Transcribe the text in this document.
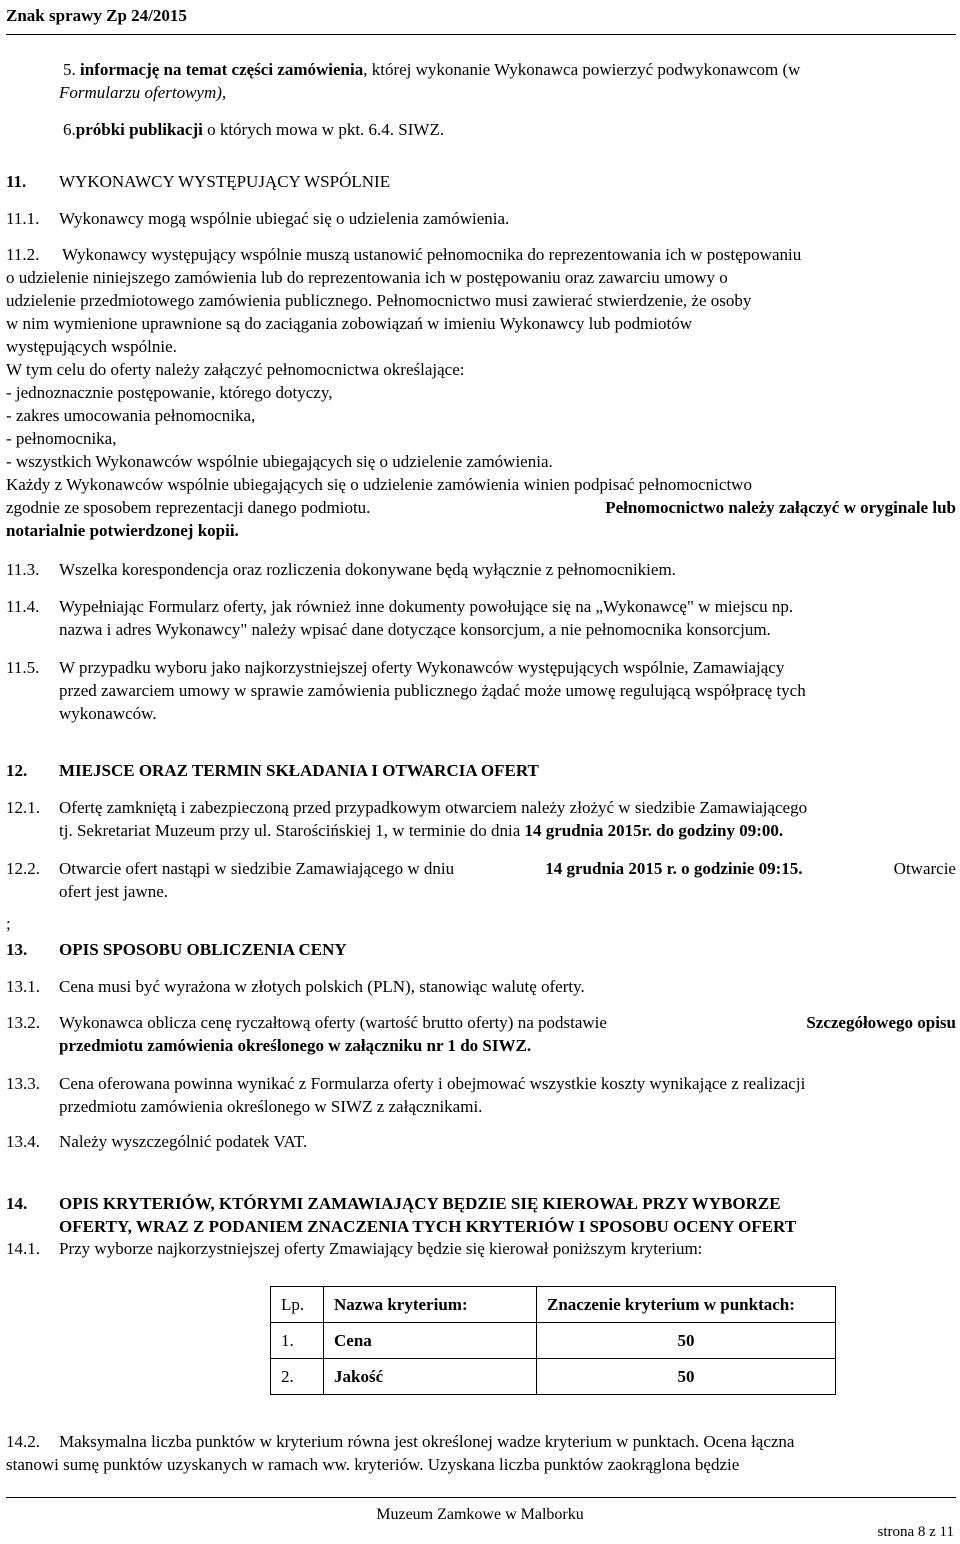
Znak sprawy Zp 24/2015
5. informację na temat części zamówienia, której wykonanie Wykonawca powierzyć podwykonawcom (w
Formularzu ofertowym),
6.próbki publikacji o których mowa w pkt. 6.4. SIWZ.
11. WYKONAWCY WYSTĘPUJĄCY WSPÓLNIE
11.1. Wykonawcy mogą wspólnie ubiegać się o udzielenia zamówienia.
11.2. Wykonawcy występujący wspólnie muszą ustanowić pełnomocnika do reprezentowania ich w postępowaniu
o udzielenie niniejszego zamówienia lub do reprezentowania ich w postępowaniu oraz zawarciu umowy o
udzielenie przedmiotowego zamówienia publicznego. Pełnomocnictwo musi zawierać stwierdzenie, że osoby
w nim wymienione uprawnione są do zaciągania zobowiązań w imieniu Wykonawcy lub podmiotów
występujących wspólnie.
W tym celu do oferty należy załączyć pełnomocnictwa określające:
- jednoznacznie postępowanie, którego dotyczy,
- zakres umocowania pełnomocnika,
- pełnomocnika,
- wszystkich Wykonawców wspólnie ubiegających się o udzielenie zamówienia.
Każdy z Wykonawców wspólnie ubiegających się o udzielenie zamówienia winien podpisać pełnomocnictwo
zgodnie ze sposobem reprezentacji danego podmiotu.	Pełnomocnictwo należy załączyć w oryginale lub
notarialnie potwierdzonej kopii.
11.3. Wszelka korespondencja oraz rozliczenia dokonywane będą wyłącznie z pełnomocnikiem.
11.4. Wypełniając Formularz oferty, jak również inne dokumenty powołujące się na „Wykonawcę" w miejscu np.
nazwa i adres Wykonawcy" należy wpisać dane dotyczące konsorcjum, a nie pełnomocnika konsorcjum.
11.5. W przypadku wyboru jako najkorzystniejszej oferty Wykonawców występujących wspólnie, Zamawiający
przed zawarciem umowy w sprawie zamówienia publicznego żądać może umowę regulującą współpracę tych
wykonawców.
12. MIEJSCE ORAZ TERMIN SKŁADANIA I OTWARCIA OFERT
12.1. Ofertę zamkniętą i zabezpieczoną przed przypadkowym otwarciem należy złożyć w siedzibie Zamawiającego
tj. Sekretariat Muzeum przy ul. Starościńskiej 1, w terminie do dnia 14 grudnia 2015r. do godziny 09:00.
12.2. Otwarcie ofert nastąpi w siedzibie Zamawiającego w dniu	14 grudnia 2015 r. o godzinie 09:15.	Otwarcie
ofert jest jawne.
;
13. OPIS SPOSOBU OBLICZENIA CENY
13.1. Cena musi być wyrażona w złotych polskich (PLN), stanowiąc walutę oferty.
13.2. Wykonawca oblicza cenę ryczałtową oferty (wartość brutto oferty) na podstawie	Szczegółowego opisu
przedmiotu zamówienia określonego w załączniku nr 1 do SIWZ.
13.3. Cena oferowana powinna wynikać z Formularza oferty i obejmować wszystkie koszty wynikające z realizacji
przedmiotu zamówienia określonego w SIWZ z załącznikami.
13.4. Należy wyszczególnić podatek VAT.
14. OPIS KRYTERIÓW, KTÓRYMI ZAMAWIAJĄCY BĘDZIE SIĘ KIEROWAŁ PRZY WYBORZE
OFERTY, WRAZ Z PODANIEM ZNACZENIA TYCH KRYTERIÓW I SPOSOBU OCENY OFERT
14.1. Przy wyborze najkorzystniejszej oferty Zmawiający będzie się kierował poniższym kryterium:
Lp.	Nazwa kryterium:	Znaczenie kryterium w punktach:
1.	Cena	50
2.	Jakość	50
14.2. Maksymalna liczba punktów w kryterium równa jest określonej wadze kryterium w punktach. Ocena łączna
stanowi sumę punktów uzyskanych w ramach ww. kryteriów. Uzyskana liczba punktów zaokrąglona będzie
Muzeum Zamkowe w Malborku
strona 8 z 11
